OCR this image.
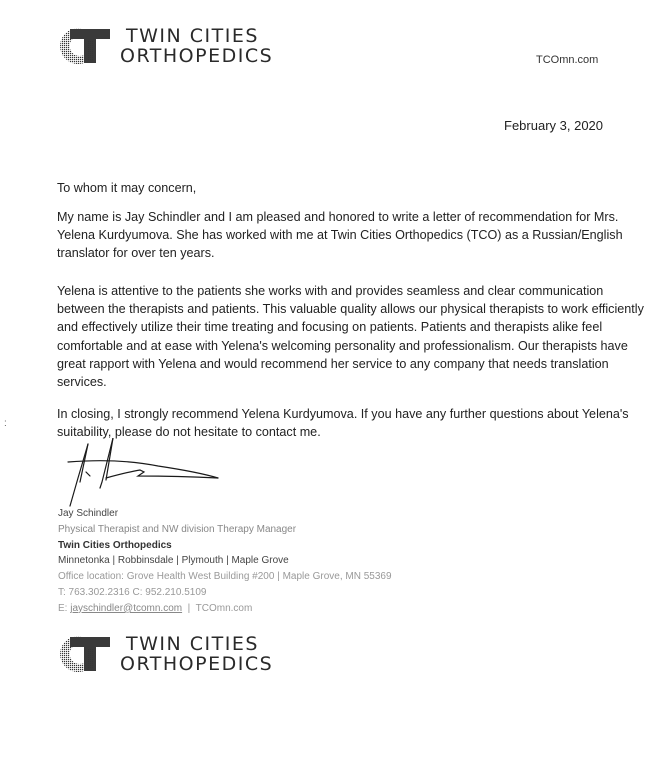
TWIN CITIES
ORTHOPEDICS	TCOmn.com
February 3, 2020

To whom it may concern,

My name is Jay Schindler and I am pleased and honored to write a letter of recommendation for Mrs. Yelena Kurdyumova. She has worked with me at Twin Cities Orthopedics (TCO) as a Russian/English translator for over ten years.

Yelena is attentive to the patients she works with and provides seamless and clear communication between the therapists and patients. This valuable quality allows our physical therapists to work efficiently and effectively utilize their time treating and focusing on patients. Patients and therapists alike feel comfortable and at ease with Yelena's welcoming personality and professionalism. Our therapists have great rapport with Yelena and would recommend her service to any company that needs translation services.

In closing, I strongly recommend Yelena Kurdyumova. If you have any further questions about Yelena's suitability, please do not hesitate to contact me.

:
Jay Schindler
Physical Therapist and NW division Therapy Manager
Twin Cities Orthopedics
Minnetonka | Robbinsdale | Plymouth | Maple Grove
Office location: Grove Health West Building #200 | Maple Grove, MN 55369
T: 763.302.2316 C: 952.210.5109
E: jayschindler@tcomn.com  |  TCOmn.com
TWIN CITIES
ORTHOPEDICS
